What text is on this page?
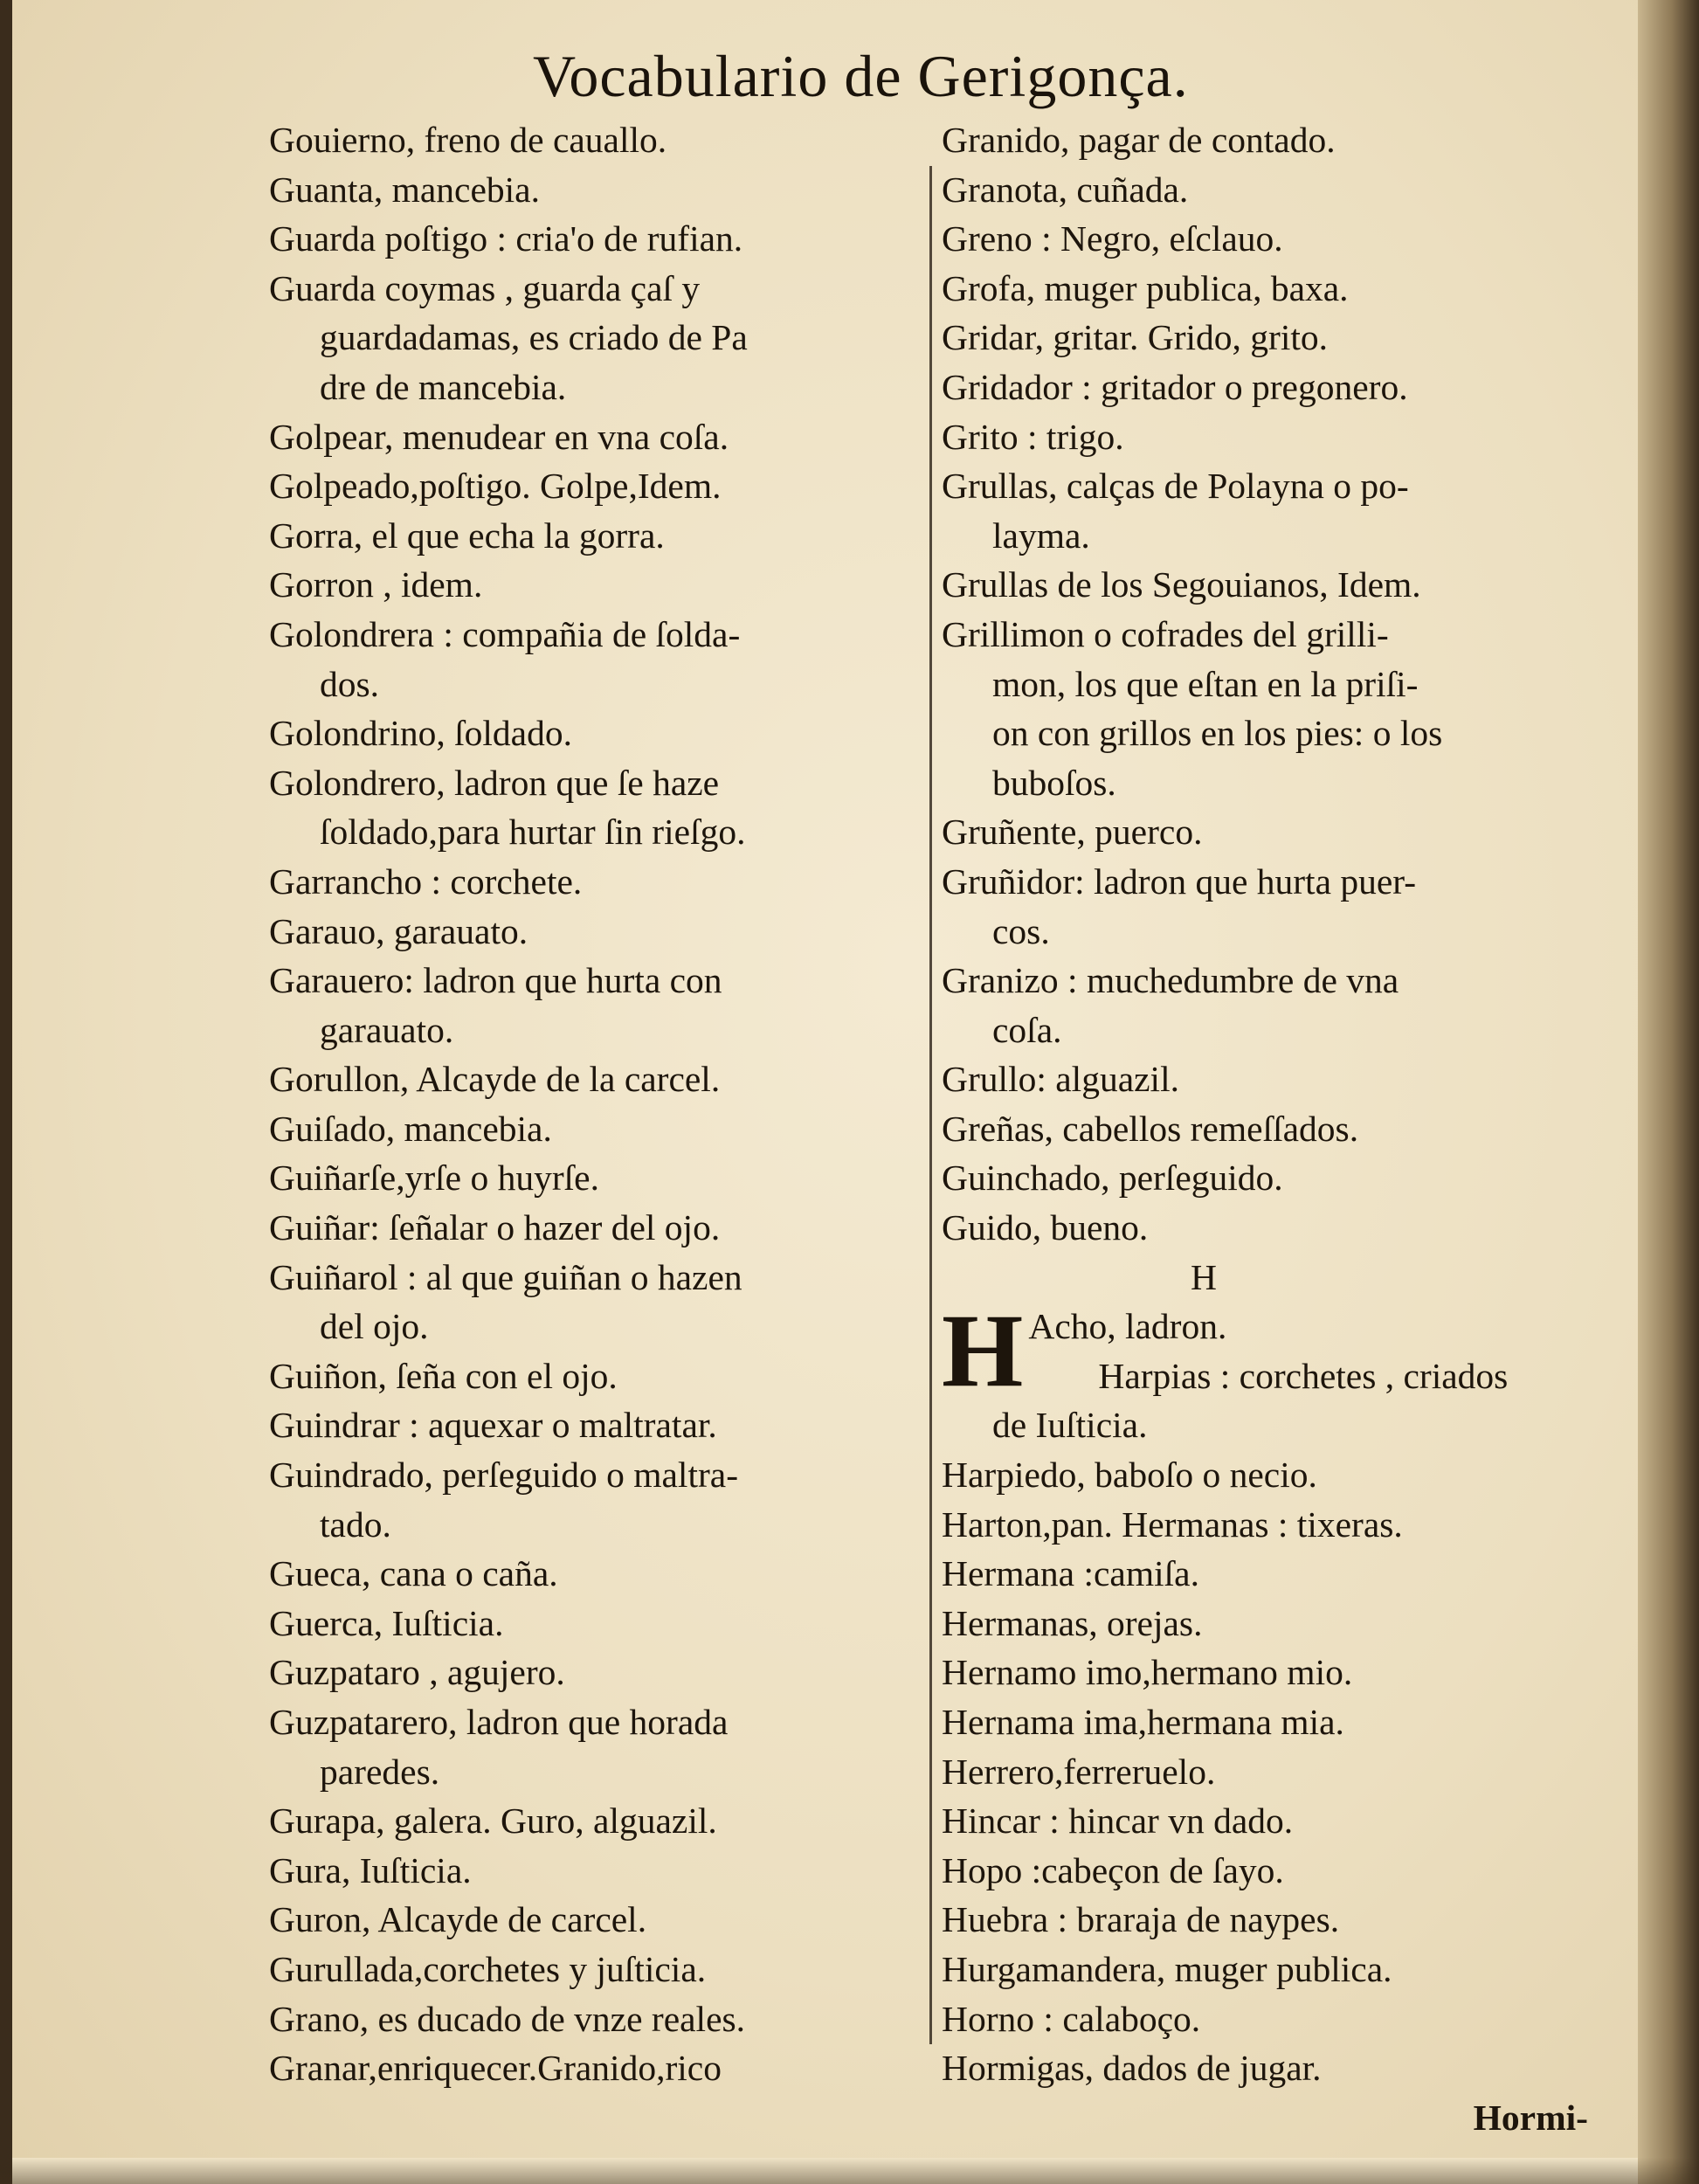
Vocabulario de Gerigonça.
Gouierno, freno de cauallo.
Guanta, mancebia.
Guarda poſtigo : cria'o de rufian.
Guarda coymas , guarda çaſ y
guardadamas, es criado de Pa
dre de mancebia.
Golpear, menudear en vna coſa.
Golpeado,poſtigo. Golpe,Idem.
Gorra, el que echa la gorra.
Gorron , idem.
Golondrera : compañia de ſolda-
dos.
Golondrino, ſoldado.
Golondrero, ladron que ſe haze
ſoldado,para hurtar ſin rieſgo.
Garrancho : corchete.
Garauo, garauato.
Garauero: ladron que hurta con
garauato.
Gorullon, Alcayde de la carcel.
Guiſado, mancebia.
Guiñarſe,yrſe o huyrſe.
Guiñar: ſeñalar o hazer del ojo.
Guiñarol : al que guiñan o hazen
del ojo.
Guiñon, ſeña con el ojo.
Guindrar : aquexar o maltratar.
Guindrado, perſeguido o maltra-
tado.
Gueca, cana o caña.
Guerca, Iuſticia.
Guzpataro , agujero.
Guzpatarero, ladron que horada
paredes.
Gurapa, galera. Guro, alguazil.
Gura, Iuſticia.
Guron, Alcayde de carcel.
Gurullada,corchetes y juſticia.
Grano, es ducado de vnze reales.
Granar,enriquecer.Granido,rico
Granido, pagar de contado.
Granota, cuñada.
Greno : Negro, eſclauo.
Grofa, muger publica, baxa.
Gridar, gritar. Grido, grito.
Gridador : gritador o pregonero.
Grito : trigo.
Grullas, calças de Polayna o po-
layma.
Grullas de los Segouianos, Idem.
Grillimon o cofrades del grilli-
mon, los que eſtan en la priſi-
on con grillos en los pies: o los
buboſos.
Gruñente, puerco.
Gruñidor: ladron que hurta puer-
cos.
Granizo : muchedumbre de vna
coſa.
Grullo: alguazil.
Greñas, cabellos remeſſados.
Guinchado, perſeguido.
Guido, bueno.
H
H Acho, ladron.
Harpias : corchetes , criados
de Iuſticia.
Harpiedo, baboſo o necio.
Harton,pan. Hermanas : tixeras.
Hermana :camiſa.
Hermanas, orejas.
Hernamo imo,hermano mio.
Hernama ima,hermana mia.
Herrero,ferreruelo.
Hincar : hincar vn dado.
Hopo :cabeçon de ſayo.
Huebra : braraja de naypes.
Hurgamandera, muger publica.
Horno : calaboço.
Hormigas, dados de jugar.
Hormi-
